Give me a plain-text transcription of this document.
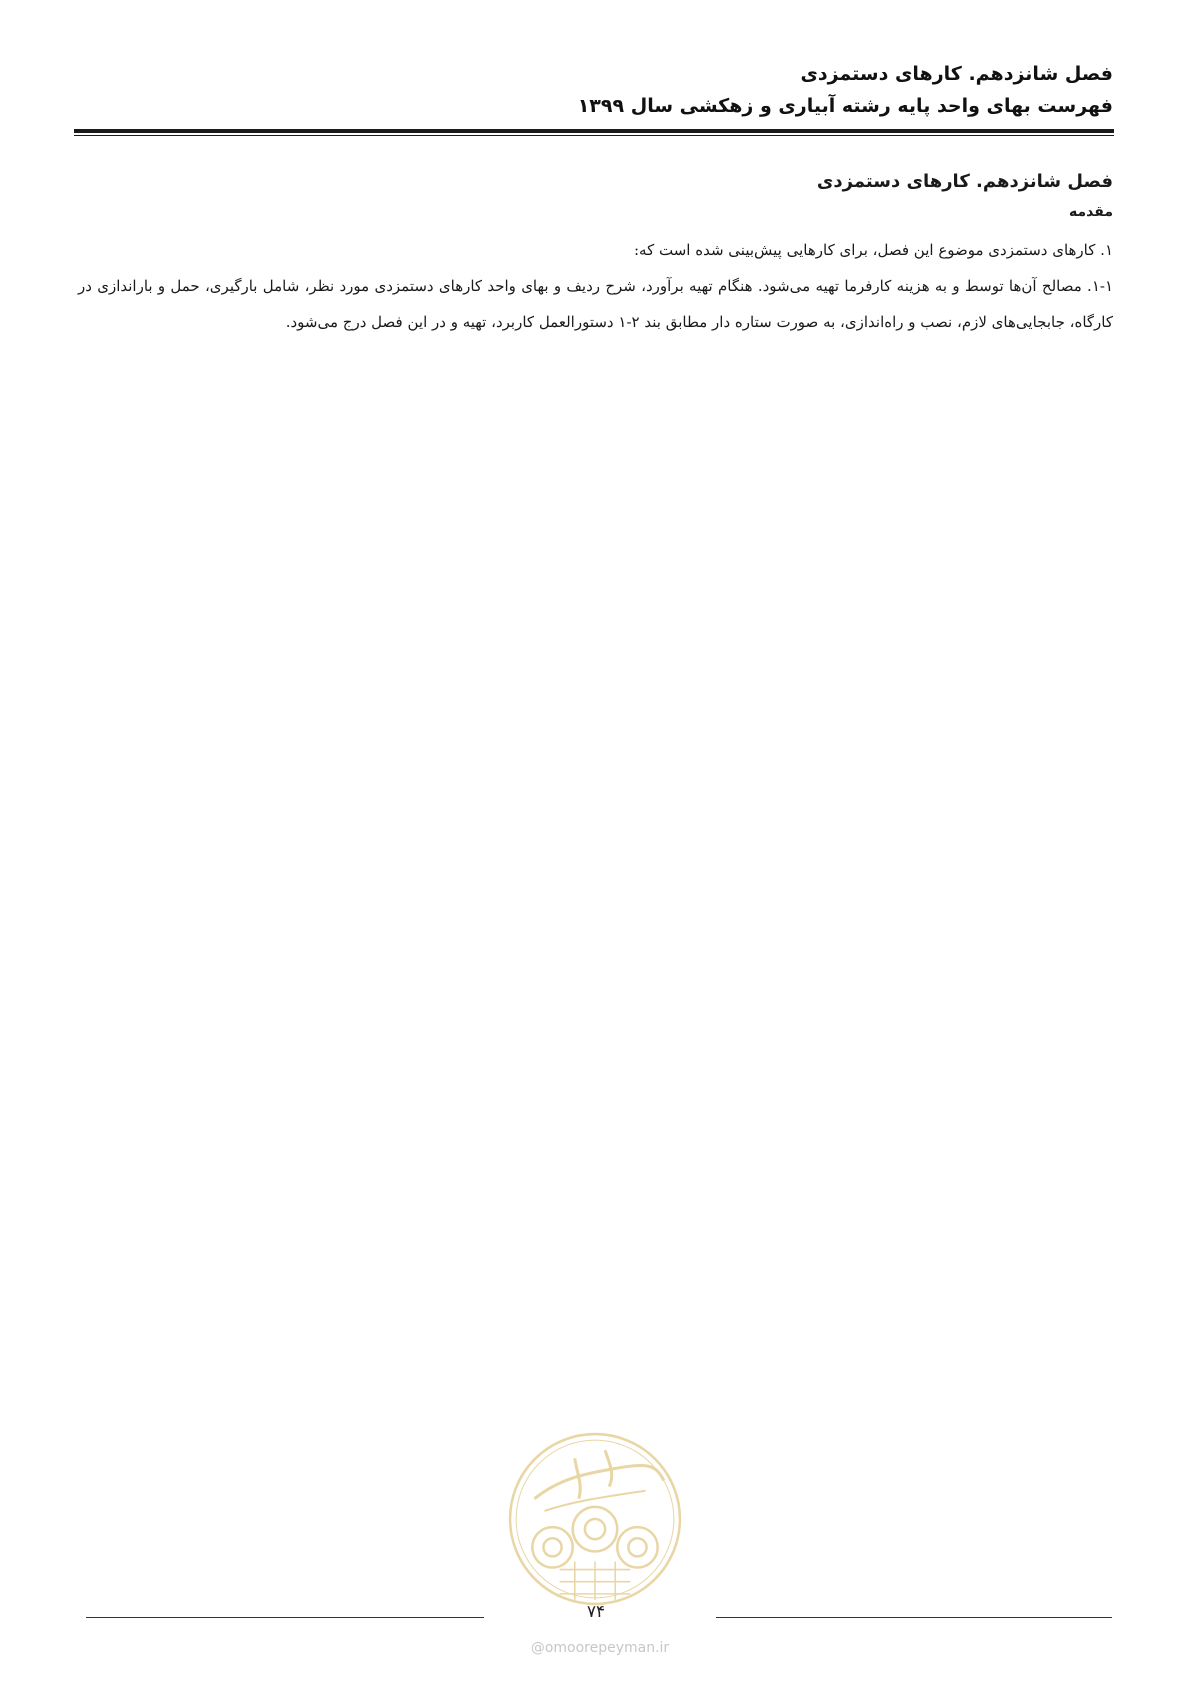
فصل شانزدهم. کارهای دستمزدی
فهرست بهای واحد پایه رشته آبیاری و زهکشی سال ۱۳۹۹
فصل شانزدهم. کارهای دستمزدی
مقدمه

۱. کارهای دستمزدی موضوع این فصل، برای کارهایی پیش‌بینی شده است که:

۱-۱. مصالح آن‌ها توسط و به هزینه کارفرما تهیه می‌شود. هنگام تهیه برآورد، شرح ردیف و بهای واحد کارهای دستمزدی مورد نظر، شامل بارگیری، حمل و باراندازی در کارگاه، جابجایی‌های لازم، نصب و راه‌اندازی، به صورت ستاره دار مطابق بند ۲-۱ دستورالعمل کاربرد، تهیه و در این فصل درج می‌شود.

۷۴
@omoorepeyman.ir
